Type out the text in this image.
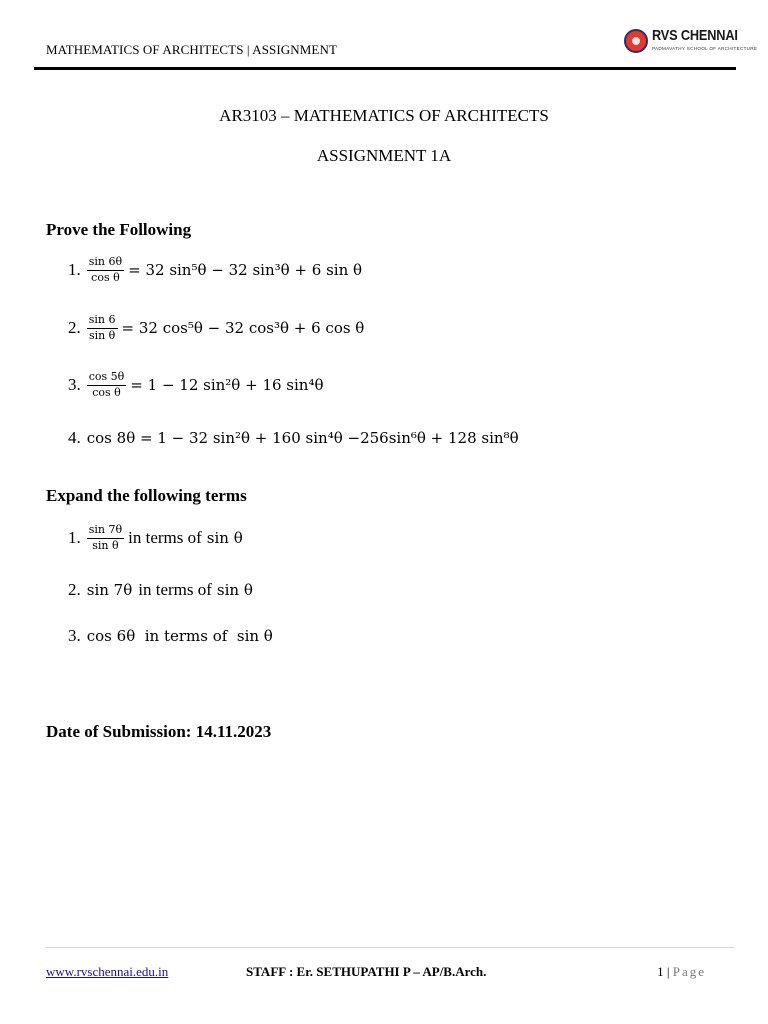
MATHEMATICS OF ARCHITECTS | ASSIGNMENT
RVS CHENNAI
PADMAVATHY SCHOOL OF ARCHITECTURE
AR3103 – MATHEMATICS OF ARCHITECTS
ASSIGNMENT 1A
Prove the Following
1. $\frac{\sin 6\theta}{\text{cos θ}} = 32$ sin⁵θ − 32 sin³θ + 6 sin θ
2. $\frac{\sin 6}{\text{sin θ}} = 32$ cos⁵θ − 32 cos³θ + 6 cos θ
3. $\frac{\cos 5\theta}{\text{cos θ}} = 1 - 12$ sin²θ + 16 sin⁴θ
4. cos 8θ = 1 − 32 sin²θ + 160 sin⁴θ −256sin⁶θ + 128 sin⁸θ
Expand the following terms
1. $\frac{\sin 7\theta}{\text{sin θ}}$ in terms of sin θ
2. sin 7θ in terms of sin θ
3. cos 6θ  in terms of  sin θ
Date of Submission: 14.11.2023
www.rvschennai.edu.in	STAFF : Er. SETHUPATHI P – AP/B.Arch.	1 | Page
